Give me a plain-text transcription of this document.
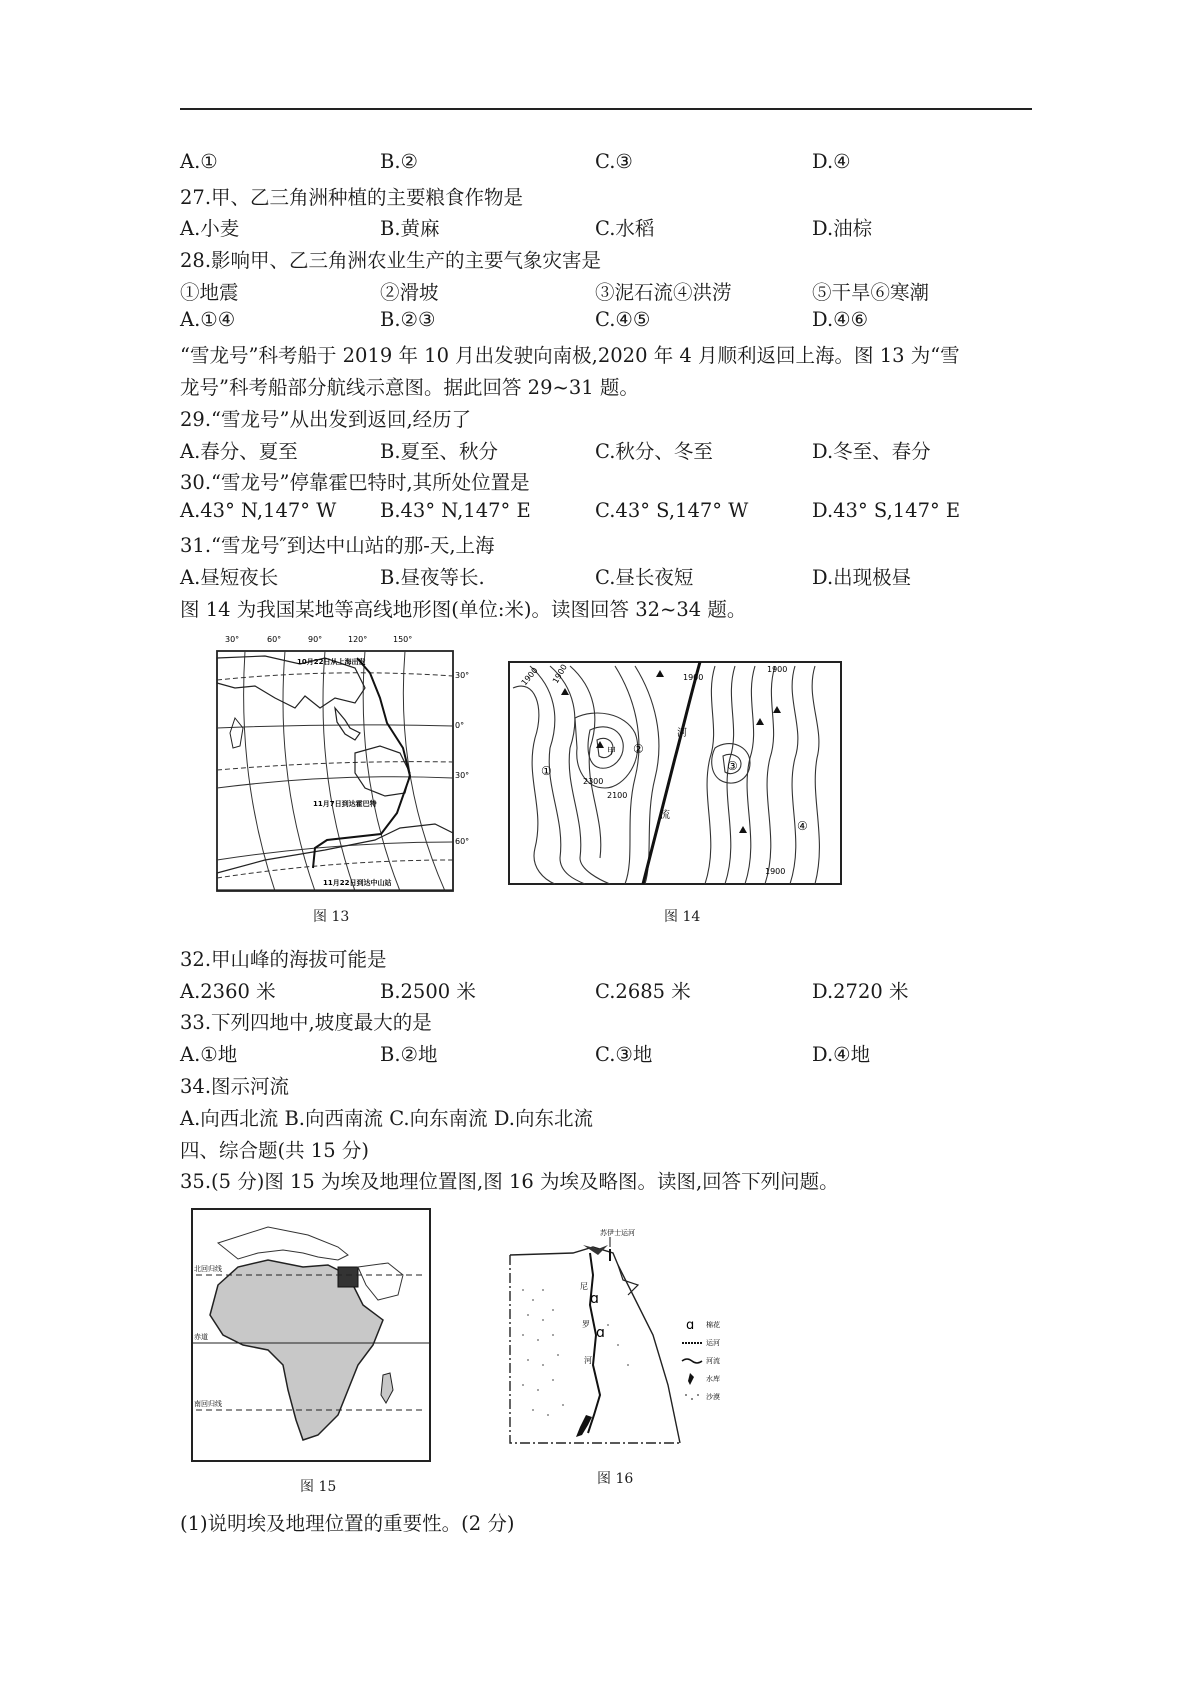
A.①	B.②	C.③	D.④
27.甲、乙三角洲种植的主要粮食作物是
A.小麦	B.黄麻	C.水稻	D.油棕
28.影响甲、乙三角洲农业生产的主要气象灾害是
①地震	②滑坡	③泥石流④洪涝	⑤干旱⑥寒潮
A.①④	B.②③	C.④⑤	D.④⑥
“雪龙号”科考船于 2019 年 10 月出发驶向南极,2020 年 4 月顺利返回上海。图 13 为“雪
龙号”科考船部分航线示意图。据此回答 29~31 题。
29.“雪龙号”从出发到返回,经历了
A.春分、夏至	B.夏至、秋分	C.秋分、冬至	D.冬至、春分
30.“雪龙号”停靠霍巴特时,其所处位置是
A.43° N,147° W B.43° N,147° E	C.43° S,147° W	D.43° S,147° E
31.“雪龙号″到达中山站的那-天,上海
A.昼短夜长	B.昼夜等长.	C.昼长夜短	D.出现极昼
图 14 为我国某地等高线地形图(单位:米)。读图回答 32~34 题。
30°	60°	90°	120°	150°
30°
0°
30°
60°
10月22日从上海出发
11月7日到达霍巴特
11月22日到达中山站
图 13
1900 1900	1900
2300
2100
1900
1900
①
②
③
④
甲
河
流
图 14
32.甲山峰的海拔可能是
A.2360 米	B.2500 米	C.2685 米	D.2720 米
33.下列四地中,坡度最大的是
A.①地	B.②地	C.③地	D.④地
34.图示河流
A.向西北流 B.向西南流 C.向东南流 D.向东北流
四、综合题(共 15 分)
35.(5 分)图 15 为埃及地理位置图,图 16 为埃及略图。读图,回答下列问题。
北回归线
赤道
南回归线
图 15
苏伊士运河
尼
罗
河
ɑ
ɑ	ɑ 棉花
运河
河流
水库
沙漠
图 16
(1)说明埃及地理位置的重要性。(2 分)
